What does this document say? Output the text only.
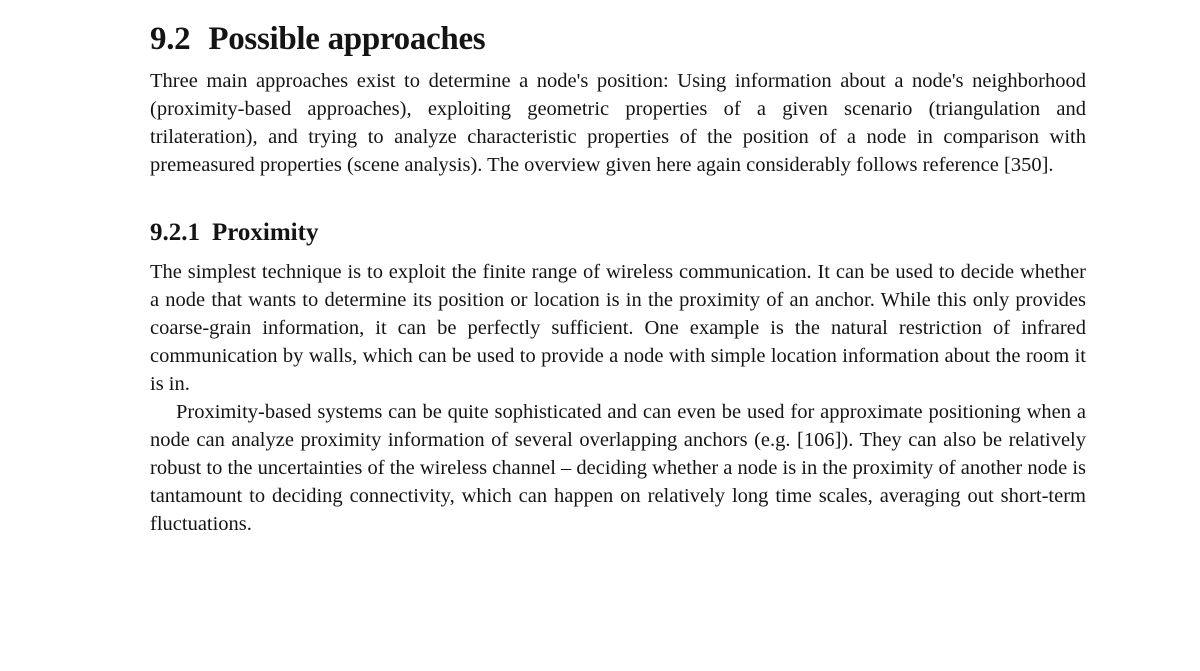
9.2 Possible approaches

Three main approaches exist to determine a node's position: Using information about a node's neighborhood (proximity-based approaches), exploiting geometric properties of a given scenario (triangulation and trilateration), and trying to analyze characteristic properties of the position of a node in comparison with premeasured properties (scene analysis). The overview given here again considerably follows reference [350].

9.2.1 Proximity

The simplest technique is to exploit the finite range of wireless communication. It can be used to decide whether a node that wants to determine its position or location is in the proximity of an anchor. While this only provides coarse-grain information, it can be perfectly sufficient. One example is the natural restriction of infrared communication by walls, which can be used to provide a node with simple location information about the room it is in.

Proximity-based systems can be quite sophisticated and can even be used for approximate positioning when a node can analyze proximity information of several overlapping anchors (e.g. [106]). They can also be relatively robust to the uncertainties of the wireless channel – deciding whether a node is in the proximity of another node is tantamount to deciding connectivity, which can happen on relatively long time scales, averaging out short-term fluctuations.
